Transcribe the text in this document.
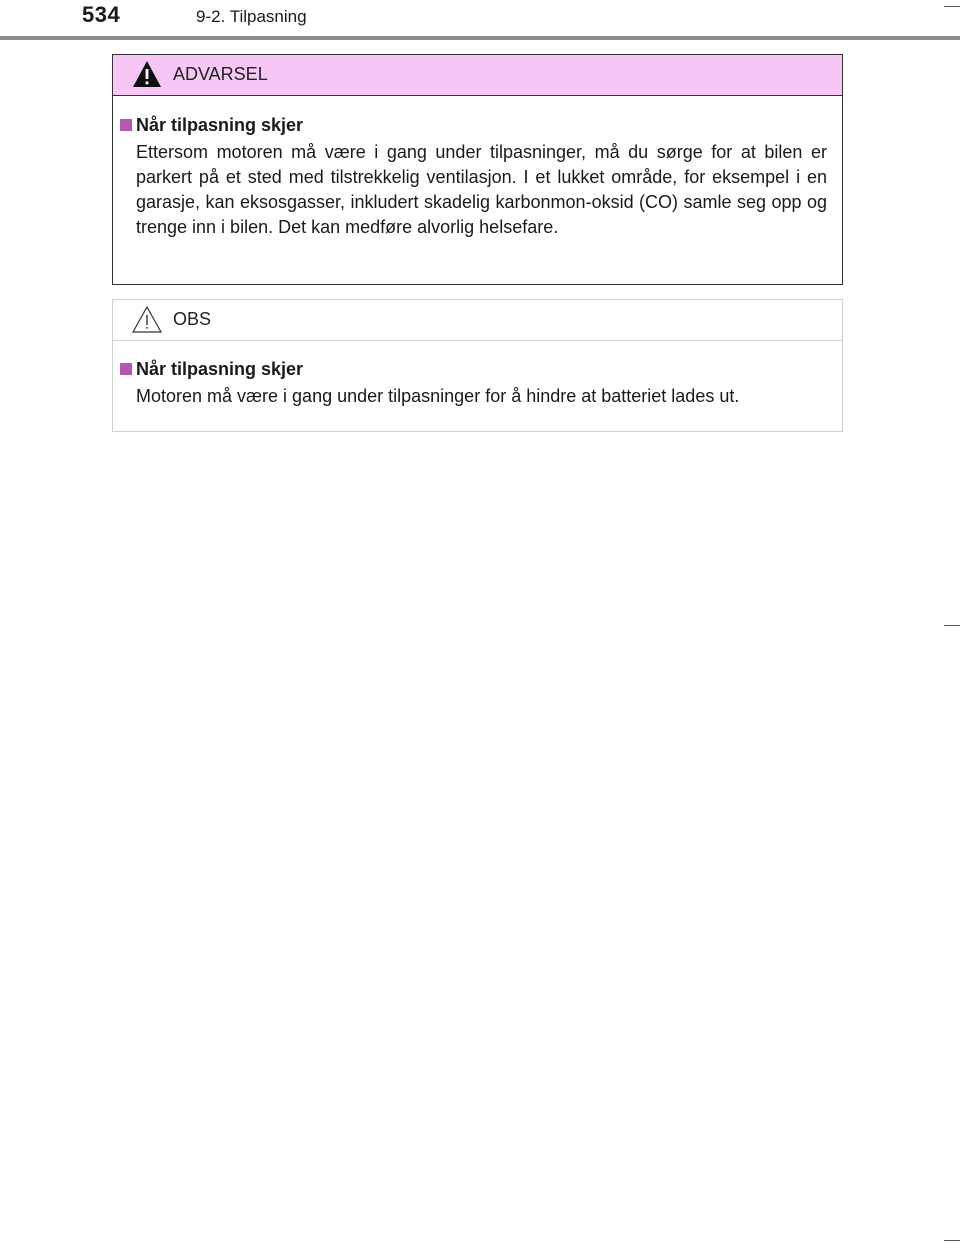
534	9-2. Tilpasning
ADVARSEL
Når tilpasning skjer

Ettersom motoren må være i gang under tilpasninger, må du sørge for at bilen er parkert på et sted med tilstrekkelig ventilasjon. I et lukket område, for eksempel i en garasje, kan eksosgasser, inkludert skadelig karbonmon-oksid (CO) samle seg opp og trenge inn i bilen. Det kan medføre alvorlig helsefare.

OBS
Når tilpasning skjer

Motoren må være i gang under tilpasninger for å hindre at batteriet lades ut.
